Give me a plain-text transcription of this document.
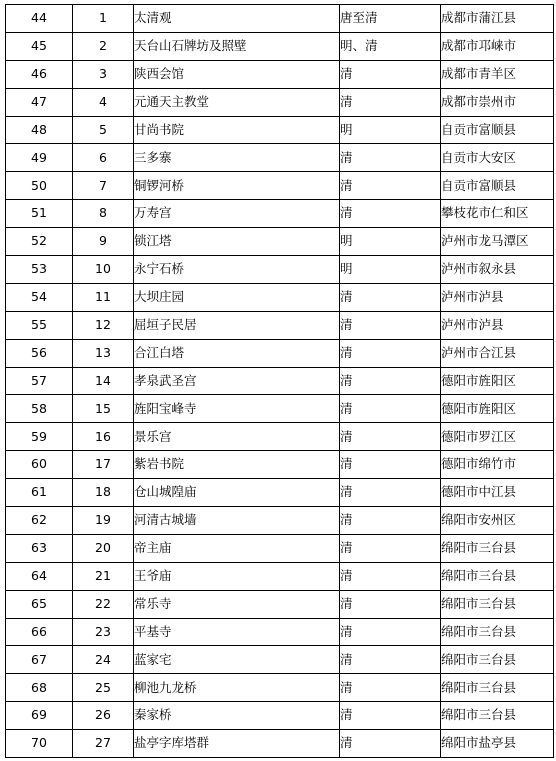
44	1	太清观	唐至清	成都市蒲江县
45	2	天台山石牌坊及照壁	明、清	成都市邛崃市
46	3	陕西会馆	清	成都市青羊区
47	4	元通天主教堂	清	成都市崇州市
48	5	甘尚书院	明	自贡市富顺县
49	6	三多寨	清	自贡市大安区
50	7	铜锣河桥	清	自贡市富顺县
51	8	万寿宫	清	攀枝花市仁和区
52	9	锁江塔	明	泸州市龙马潭区
53	10	永宁石桥	明	泸州市叙永县
54	11	大坝庄园	清	泸州市泸县
55	12	屈垣子民居	清	泸州市泸县
56	13	合江白塔	清	泸州市合江县
57	14	孝泉武圣宫	清	德阳市旌阳区
58	15	旌阳宝峰寺	清	德阳市旌阳区
59	16	景乐宫	清	德阳市罗江区
60	17	紫岩书院	清	德阳市绵竹市
61	18	仓山城隍庙	清	德阳市中江县
62	19	河清古城墙	清	绵阳市安州区
63	20	帝主庙	清	绵阳市三台县
64	21	王爷庙	清	绵阳市三台县
65	22	常乐寺	清	绵阳市三台县
66	23	平基寺	清	绵阳市三台县
67	24	蓝家宅	清	绵阳市三台县
68	25	柳池九龙桥	清	绵阳市三台县
69	26	秦家桥	清	绵阳市三台县
70	27	盐亭字库塔群	清	绵阳市盐亭县
